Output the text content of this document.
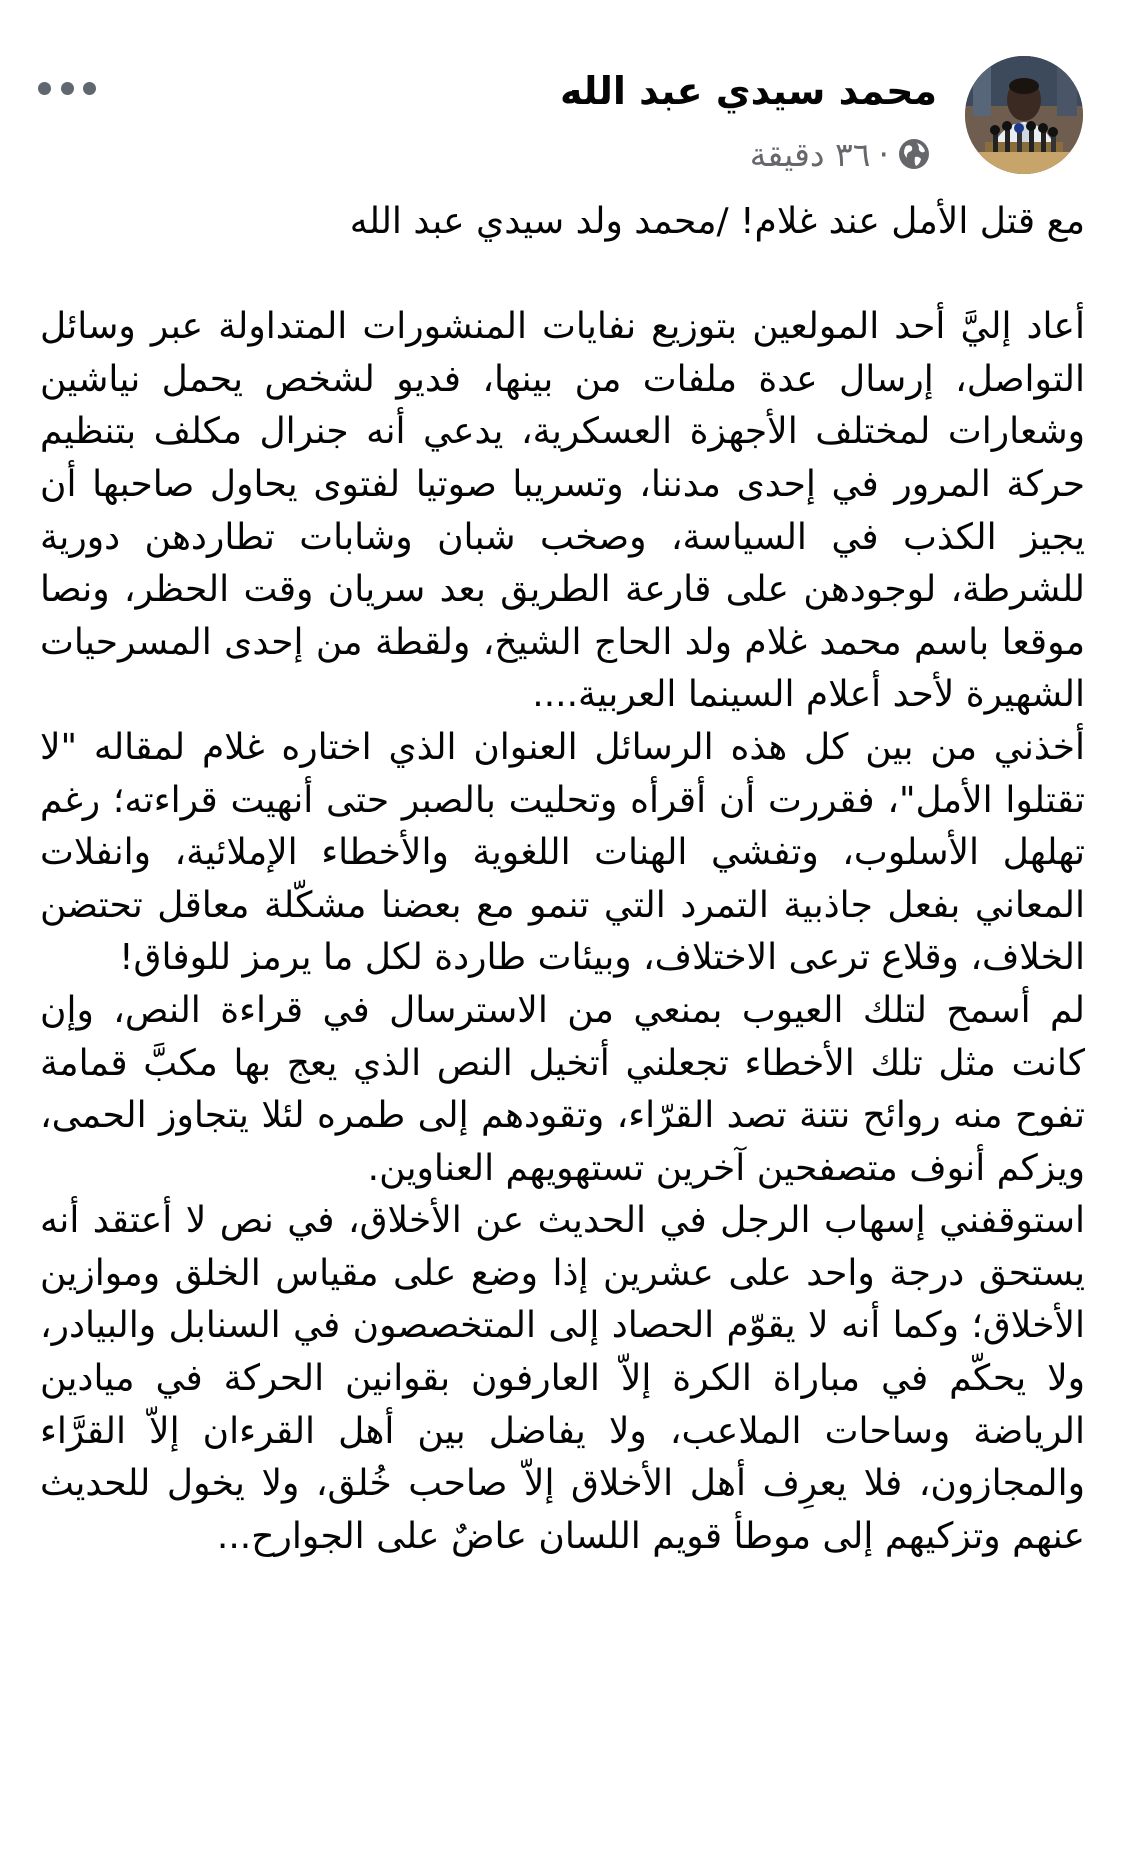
محمد سيدي عبد الله
٣٦ دقيقة ·

مع قتل الأمل عند غلام! /محمد ولد سيدي عبد الله

أعاد إليَّ أحد المولعين بتوزيع نفايات المنشورات المتداولة عبر وسائل التواصل، إرسال عدة ملفات من بينها، فديو لشخص يحمل نياشين وشعارات لمختلف الأجهزة العسكرية، يدعي أنه جنرال مكلف بتنظيم حركة المرور في إحدى مدننا، وتسريبا صوتيا لفتوى يحاول صاحبها أن يجيز الكذب في السياسة، وصخب شبان وشابات تطاردهن دورية للشرطة، لوجودهن على قارعة الطريق بعد سريان وقت الحظر، ونصا موقعا باسم محمد غلام ولد الحاج الشيخ، ولقطة من إحدى المسرحيات الشهيرة لأحد أعلام السينما العربية....

أخذني من بين كل هذه الرسائل العنوان الذي اختاره غلام لمقاله "لا تقتلوا الأمل"، فقررت أن أقرأه وتحليت بالصبر حتى أنهيت قراءته؛ رغم تهلهل الأسلوب، وتفشي الهنات اللغوية والأخطاء الإملائية، وانفلات المعاني بفعل جاذبية التمرد التي تنمو مع بعضنا مشكّلة معاقل تحتضن الخلاف، وقلاع ترعى الاختلاف، وبيئات طاردة لكل ما يرمز للوفاق!

لم أسمح لتلك العيوب بمنعي من الاسترسال في قراءة النص، وإن كانت مثل تلك الأخطاء تجعلني أتخيل النص الذي يعج بها مكبَّ قمامة تفوح منه روائح نتنة تصد القرّاء، وتقودهم إلى طمره لئلا يتجاوز الحمى، ويزكم أنوف متصفحين آخرين تستهويهم العناوين.

استوقفني إسهاب الرجل في الحديث عن الأخلاق، في نص لا أعتقد أنه يستحق درجة واحد على عشرين إذا وضع على مقياس الخلق وموازين الأخلاق؛ وكما أنه لا يقوّم الحصاد إلى المتخصصون في السنابل والبيادر، ولا يحكّم في مباراة الكرة إلاّ العارفون بقوانين الحركة في ميادين الرياضة وساحات الملاعب، ولا يفاضل بين أهل القرءان إلاّ القرَّاء والمجازون، فلا يعرِف أهل الأخلاق إلاّ صاحب خُلق، ولا يخول للحديث عنهم وتزكيهم إلى موطأ قويم اللسان عاضٌ على الجوارح...
